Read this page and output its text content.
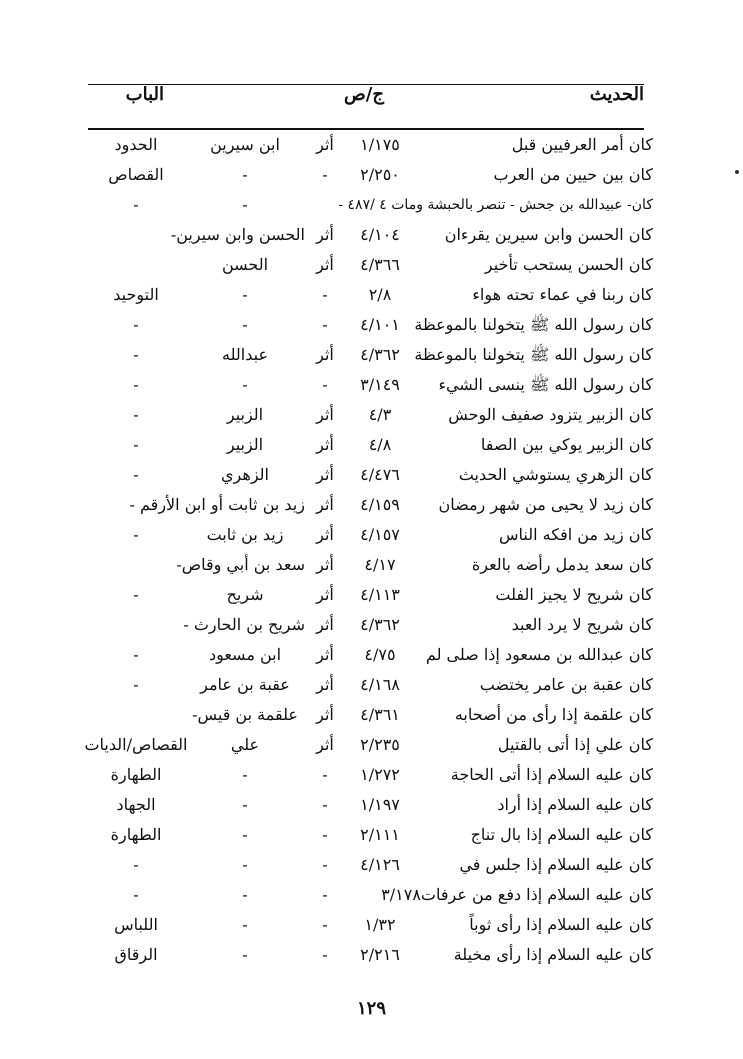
الحديث
ج/ص
الباب
كان أمر العرفيين قبل
١/١٧٥
أثر
ابن سيرين
الحدود
كان بين حيين من العرب
٢/٢٥٠
-
-
القصاص
كان- عبيدالله بن جحش - تنصر بالحبشة ومات ٤ /٤٨٧ -
-
-
كان الحسن وابن سيرين يقرءان
٤/١٠٤
أثر
الحسن وابن سيرين-
كان الحسن يستحب تأخير
٤/٣٦٦
أثر
الحسن
كان ربنا في عماء تحته هواء
٢/٨
-
-
التوحيد
كان رسول الله ﷺ يتخولنا بالموعظة
٤/١٠١
-
-
-
كان رسول الله ﷺ يتخولنا بالموعظة
٤/٣٦٢
أثر
عبدالله
-
كان رسول الله ﷺ ينسى الشيء
٣/١٤٩
-
-
-
كان الزبير يتزود صفيف الوحش
٤/٣
أثر
الزبير
-
كان الزبير يوكي بين الصفا
٤/٨
أثر
الزبير
-
كان الزهري يستوشي الحديث
٤/٤٧٦
أثر
الزهري
-
كان زيد لا يحيى من شهر رمضان
٤/١٥٩
أثر
زيد بن ثابت أو ابن الأرقم -
كان زيد من افكه الناس
٤/١٥٧
أثر
زيد بن ثابت
-
كان سعد يدمل رأضه بالعرة
٤/١٧
أثر
سعد بن أبي وقاص-
كان شريح لا يجيز الفلت
٤/١١٣
أثر
شريح
-
كان شريح لا يرد العبد
٤/٣٦٢
أثر
شريح بن الحارث -
كان عبدالله بن مسعود إذا صلى لم
٤/٧٥
أثر
ابن مسعود
-
كان عقبة بن عامر يختضب
٤/١٦٨
أثر
عقبة بن عامر
-
كان علقمة إذا رأى من أصحابه
٤/٣٦١
أثر
علقمة بن قيس-
كان علي إذا أتى بالقتيل
٢/٢٣٥
أثر
علي
القصاص/الديات
كان عليه السلام إذا أتى الحاجة
١/٢٧٢
-
-
الطهارة
كان عليه السلام إذا أراد
١/١٩٧
-
-
الجهاد
كان عليه السلام إذا بال تناج
٢/١١١
-
-
الطهارة
كان عليه السلام إذا جلس في
٤/١٢٦
-
-
-
كان عليه السلام إذا دفع من عرفات٣/١٧٨
-
-
-
كان عليه السلام إذا رأى ثوباً
١/٣٢
-
-
اللباس
كان عليه السلام إذا رأى مخيلة
٢/٢١٦
-
-
الرقاق
١٢٩
